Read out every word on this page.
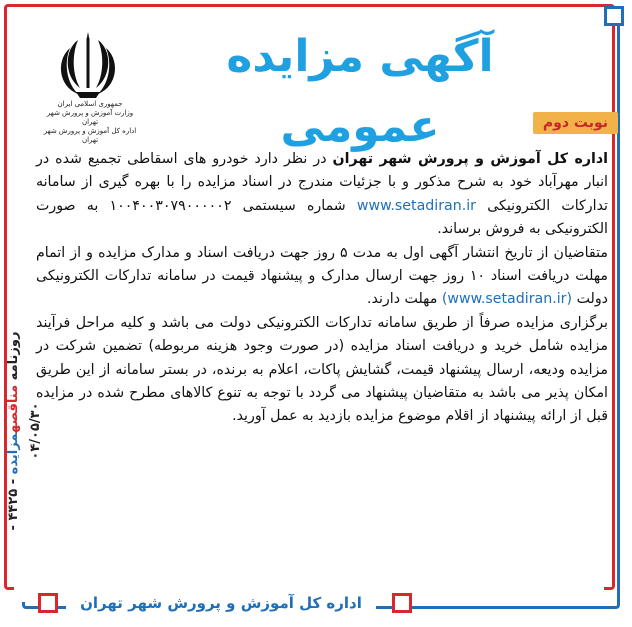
آگهی مزایده عمومی
جمهوری اسلامی ایران
وزارت آموزش و پرورش شهر تهران
اداره کل آموزش و پرورش شهر تهران
نوبت دوم

اداره کل آموزش و پرورش شهر تهران در نظر دارد خودرو های اسقاطی تجمیع شده در انبار مهرآباد خود به شرح مذکور و با جزئیات مندرج در اسناد مزایده را با بهره گیری از سامانه تدارکات الکترونیکی www.setadiran.ir شماره سیستمی ۱۰۰۴۰۰۳۰۷۹۰۰۰۰۰۲ به صورت الکترونیکی به فروش برساند.

متقاضیان از تاریخ انتشار آگهی اول به مدت ۵ روز جهت دریافت اسناد و مدارک مزایده و از اتمام مهلت دریافت اسناد ۱۰ روز جهت ارسال مدارک و پیشنهاد قیمت در سامانه تدارکات الکترونیکی دولت (www.setadiran.ir) مهلت دارند.

برگزاری مزایده صرفاً از طریق سامانه تدارکات الکترونیکی دولت می باشد و کلیه مراحل فرآیند مزایده شامل خرید و دریافت اسناد مزایده (در صورت وجود هزینه مربوطه) تضمین شرکت در مزایده ودیعه، ارسال پیشنهاد قیمت، گشایش پاکات، اعلام به برنده، در بستر سامانه از این طریق امکان پذیر می باشد به متقاضیان پیشنهاد می گردد با توجه به تنوع کالاهای مطرح شده در مزایده قبل از ارائه پیشنهاد از اقلام موضوع مزایده بازدید به عمل آورید.

اداره کل آموزش و پرورش شهر تهران
روزنامه مناقصهمزایده - ۴۴۲۵ - ۰۴/۰۵/۳۰
